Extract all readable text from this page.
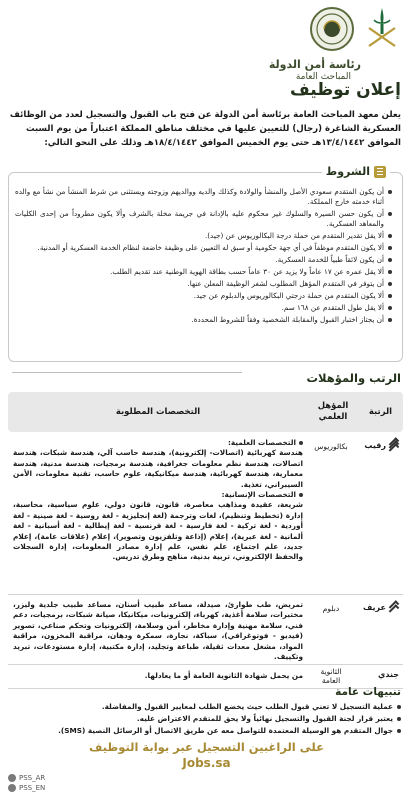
رئاسة أمن الدولة
المباحث العامة
إعلان توظيف
يعلن معهد المباحث العامة برئاسة أمن الدولة عن فتح باب القبول والتسجيل لعدد من الوظائف العسكرية الشاغرة (رجال) للتعيين عليها في مختلف مناطق المملكة اعتباراً من يوم السبت الموافق ١٣/٤/١٤٤٢هـ حتى يوم الخميس الموافق ١٨/٤/١٤٤٢هـ وذلك على النحو التالي:
الشروط
أن يكون المتقدم سعودي الأصل والمنشأ والولادة وكذلك والديه ووالديهم وزوجته ويستثنى من شرط المنشأ من نشأ مع والده أثناء خدمته خارج المملكة.
أن يكون حسن السيرة والسلوك غير محكوم عليه بالإدانة في جريمة مخلة بالشرف وألا يكون مطروداً من إحدى الكليات والمعاهد العسكرية.
ألا يقل تقدير المتقدم من حملة درجة البكالوريوس عن (جيد).
ألا يكون المتقدم موظفاً في أي جهة حكومية أو سبق له التعيين على وظيفة خاضعة لنظام الخدمة العسكرية أو المدنية.
أن يكون لائقاً طبياً للخدمة العسكرية.
ألا يقل عمره عن ١٧ عاماً ولا يزيد عن ٣٠ عاماً حسب بطاقة الهوية الوطنية عند تقديم الطلب.
أن يتوفر في المتقدم المؤهل المطلوب لشغر الوظيفة المعلن عنها.
ألا يكون المتقدم من حملة درجتي البكالوريوس والدبلوم عن جيد.
ألا يقل طول المتقدم عن ١٦٨ سم.
أن يجتاز اختبار القبول والمقابلة الشخصية وفقاً للشروط المحددة.
الرتب والمؤهلات
الرتبة
المؤهل العلمي
التخصصات المطلوبة
رقيب
بكالوريوس
التخصصات العلمية:
هندسة كهربائية (اتصالات- إلكترونية)، هندسة حاسب آلي، هندسة شبكات، هندسة اتصالات، هندسة نظم معلومات جغرافية، هندسة برمجيات، هندسة مدنية، هندسة معمارية، هندسة كهربائية، هندسة ميكانيكية، علوم حاسب، تقنية معلومات، الأمن السيبراني، تغذية.
التخصصات الإنسانية:
شريعة، عقيدة ومذاهب معاصرة، قانون، قانون دولي، علوم سياسية، محاسبة، إدارة (تخطيط وتنظيم)، لغات وترجمة (لغة إنجليزية - لغة روسية - لغة صينية - لغة أوردية - لغة تركية - لغة فارسية - لغة فرنسية - لغة إيطالية - لغة أسبانية - لغة ألمانية - لغة عبرية)، إعلام (إذاعة وتلفزيون وتصوير)، إعلام (علاقات عامة)، إعلام جديد، علم اجتماع، علم نفس، علم إدارة مصادر المعلومات، إدارة السجلات والحفظ الإلكتروني، تربية بدنية، مناهج وطرق تدريس.
عريف
دبلوم
تمريض، طب طوارئ، صيدلة، مساعد طبيب أسنان، مساعد طبيب جلدية وليزر، مختبرات، سلامة أغذية، كهرباء، إلكترونيات، ميكانيكا، صيانة شبكات، برمجيات، دعم فني، سلامة مهنية وإدارة مخاطر، أمن وسلامة، إلكترونيات وتحكم صناعي، تصوير (فيديو - فوتوغرافي)، سباكة، نجارة، سمكرة ودهان، مراقبة المخزون، مراقبة المواد، مشغل معدات ثقيلة، طباعة وتجليد، إدارة مكتبية، إدارة مستودعات، تبريد وتكييف.
جندي
الثانوية العامة
من يحمل شهادة الثانوية العامة أو ما يعادلها.
تنبيهات عامة
عملية التسجيل لا تعني قبول الطلب حيث يخضع الطلب لمعايير القبول والمفاضلة.
يعتبر قرار لجنة القبول والتسجيل نهائياً ولا يحق للمتقدم الاعتراض عليه.
جوال المتقدم هو الوسيلة المعتمدة للتواصل معه عن طريق الاتصال أو الرسائل النصية (SMS).
على الراغبين التسجيل عبر بوابة التوظيف
Jobs.sa
PSS_AR
PSS_EN
